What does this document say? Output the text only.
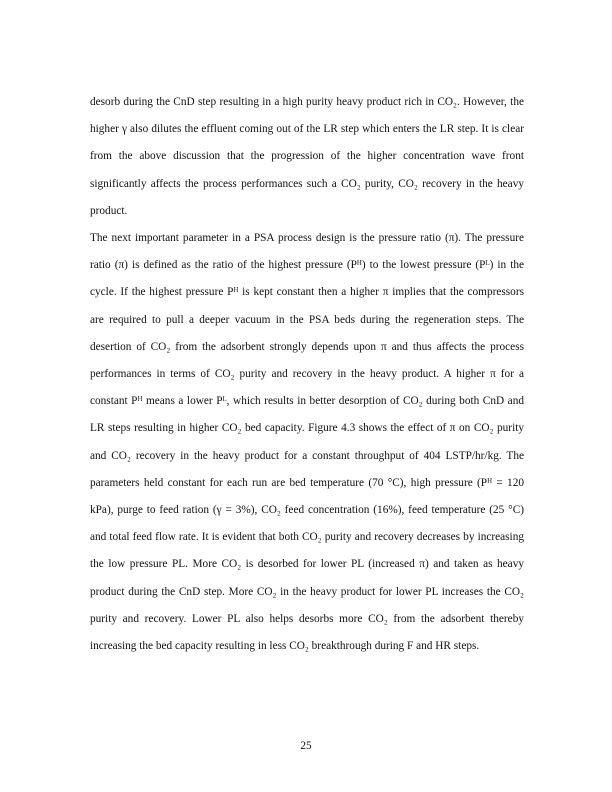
desorb during the CnD step resulting in a high purity heavy product rich in CO₂. However, the higher γ also dilutes the effluent coming out of the LR step which enters the LR step. It is clear from the above discussion that the progression of the higher concentration wave front significantly affects the process performances such a CO₂ purity, CO₂ recovery in the heavy product.

The next important parameter in a PSA process design is the pressure ratio (π). The pressure ratio (π) is defined as the ratio of the highest pressure (Pᴴ) to the lowest pressure (Pᴸ) in the cycle. If the highest pressure Pᴴ is kept constant then a higher π implies that the compressors are required to pull a deeper vacuum in the PSA beds during the regeneration steps. The desertion of CO₂ from the adsorbent strongly depends upon π and thus affects the process performances in terms of CO₂ purity and recovery in the heavy product. A higher π for a constant Pᴴ means a lower Pᴸ, which results in better desorption of CO₂ during both CnD and LR steps resulting in higher CO₂ bed capacity. Figure 4.3 shows the effect of π on CO₂ purity and CO₂ recovery in the heavy product for a constant throughput of 404 LSTP/hr/kg. The parameters held constant for each run are bed temperature (70 °C), high pressure (Pᴴ = 120 kPa), purge to feed ration (γ = 3%), CO₂ feed concentration (16%), feed temperature (25 °C) and total feed flow rate. It is evident that both CO₂ purity and recovery decreases by increasing the low pressure PL. More CO₂ is desorbed for lower PL (increased π) and taken as heavy product during the CnD step. More CO₂ in the heavy product for lower PL increases the CO₂ purity and recovery. Lower PL also helps desorbs more CO₂ from the adsorbent thereby increasing the bed capacity resulting in less CO₂ breakthrough during F and HR steps.

25
